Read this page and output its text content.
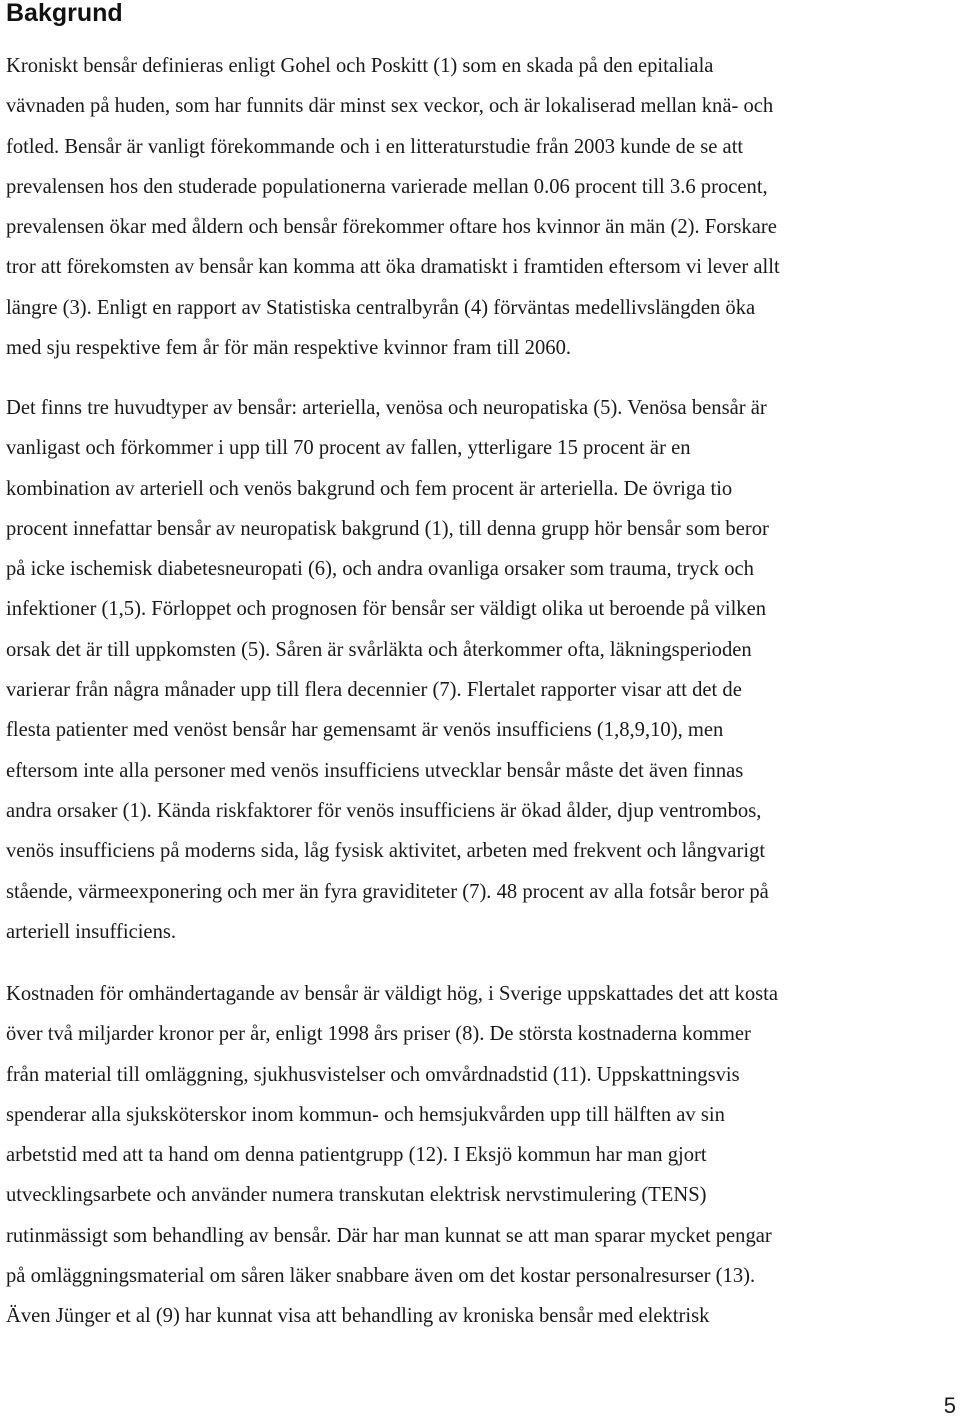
Bakgrund
Kroniskt bensår definieras enligt Gohel och Poskitt (1) som en skada på den epitaliala
vävnaden på huden, som har funnits där minst sex veckor, och är lokaliserad mellan knä- och
fotled. Bensår är vanligt förekommande och i en litteraturstudie från 2003 kunde de se att
prevalensen hos den studerade populationerna varierade mellan 0.06 procent till 3.6 procent,
prevalensen ökar med åldern och bensår förekommer oftare hos kvinnor än män (2). Forskare
tror att förekomsten av bensår kan komma att öka dramatiskt i framtiden eftersom vi lever allt
längre (3). Enligt en rapport av Statistiska centralbyrån (4) förväntas medellivslängden öka
med sju respektive fem år för män respektive kvinnor fram till 2060.
Det finns tre huvudtyper av bensår: arteriella, venösa och neuropatiska (5). Venösa bensår är
vanligast och förkommer i upp till 70 procent av fallen, ytterligare 15 procent är en
kombination av arteriell och venös bakgrund och fem procent är arteriella. De övriga tio
procent innefattar bensår av neuropatisk bakgrund (1), till denna grupp hör bensår som beror
på icke ischemisk diabetesneuropati (6), och andra ovanliga orsaker som trauma, tryck och
infektioner (1,5). Förloppet och prognosen för bensår ser väldigt olika ut beroende på vilken
orsak det är till uppkomsten (5). Såren är svårläkta och återkommer ofta, läkningsperioden
varierar från några månader upp till flera decennier (7). Flertalet rapporter visar att det de
flesta patienter med venöst bensår har gemensamt är venös insufficiens (1,8,9,10), men
eftersom inte alla personer med venös insufficiens utvecklar bensår måste det även finnas
andra orsaker (1). Kända riskfaktorer för venös insufficiens är ökad ålder, djup ventrombos,
venös insufficiens på moderns sida, låg fysisk aktivitet, arbeten med frekvent och långvarigt
stående, värmeexponering och mer än fyra graviditeter (7). 48 procent av alla fotsår beror på
arteriell insufficiens.
Kostnaden för omhändertagande av bensår är väldigt hög, i Sverige uppskattades det att kosta
över två miljarder kronor per år, enligt 1998 års priser (8). De största kostnaderna kommer
från material till omläggning, sjukhusvistelser och omvårdnadstid (11). Uppskattningsvis
spenderar alla sjuksköterskor inom kommun- och hemsjukvården upp till hälften av sin
arbetstid med att ta hand om denna patientgrupp (12). I Eksjö kommun har man gjort
utvecklingsarbete och använder numera transkutan elektrisk nervstimulering (TENS)
rutinmässigt som behandling av bensår. Där har man kunnat se att man sparar mycket pengar
på omläggningsmaterial om såren läker snabbare även om det kostar personalresurser (13).
Även Jünger et al (9) har kunnat visa att behandling av kroniska bensår med elektrisk
5
